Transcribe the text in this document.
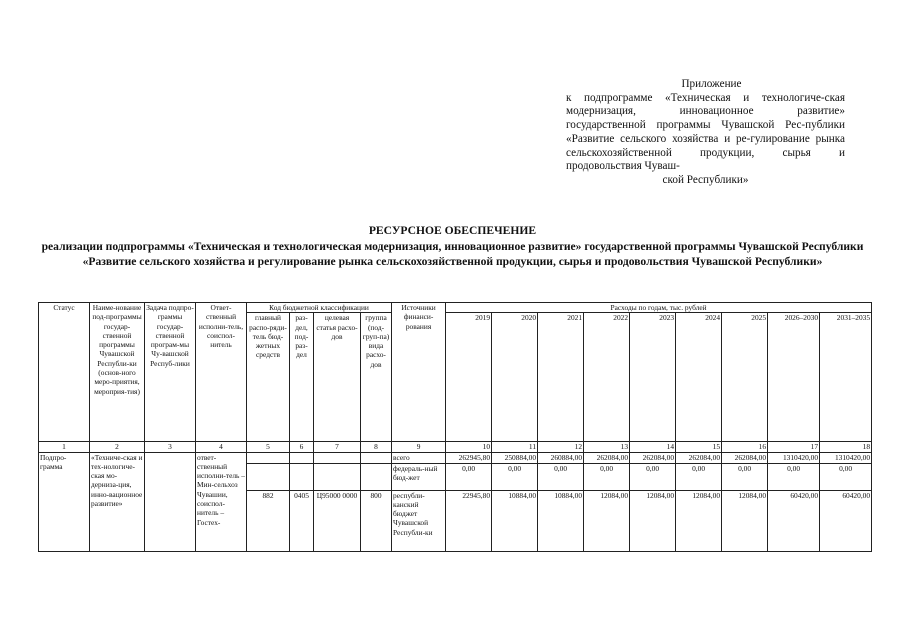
Приложение
к подпрограмме «Техническая и технологиче-ская модернизация, инновационное развитие» государственной программы Чувашской Рес-публики «Развитие сельского хозяйства и ре-гулирование рынка сельскохозяйственной продукции, сырья и продовольствия Чуваш-
ской Республики»
РЕСУРСНОЕ ОБЕСПЕЧЕНИЕ
реализации подпрограммы «Техническая и технологическая модернизация, инновационное развитие» государственной программы Чувашской Республики «Развитие сельского хозяйства и регулирование рынка сельскохозяйственной продукции, сырья и продовольствия Чувашской Республики»
Статус	Наиме-нование под-программы государ-ственной программы Чувашской Республи-ки (основ-ного меро-приятия, мероприя-тия)	Задача подпро-граммы государ-ственной програм-мы Чу-вашской Респуб-лики	Ответ-ственный исполни-тель, соиспол-нитель	Код бюджетной классификации				Источники финанси-рования	Расходы по годам, тыс. рублей								
				главный распо-ряди-тель бюд-жетных средств	раз-дел, под-раз-дел	целевая статья расхо-дов	группа (под-груп-па) вида расхо-дов		2019	2020	2021	2022	2023	2024	2025	2026–2030	2031–2035
1	2	3	4	5	6	7	8	9	10	11	12	13	14	15	16	17	18
Подпро-грамма	«Техниче-ская и тех-нологиче-ская мо-дерниза-ция, инно-вационное развитие»		ответ-ственный исполни-тель – Мин-сельхоз Чувашии, соиспол-нитель – Гостех-					всего	262945,80	250884,00	260884,00	262084,00	262084,00	262084,00	262084,00	1310420,00	1310420,00
								федераль-ный бюд-жет	0,00	0,00	0,00	0,00	0,00	0,00	0,00	0,00	0,00
				882	0405	Ц95000 0000	800	республи-канский бюджет Чувашской Республи-ки	22945,80	10884,00	10884,00	12084,00	12084,00	12084,00	12084,00	60420,00	60420,00
